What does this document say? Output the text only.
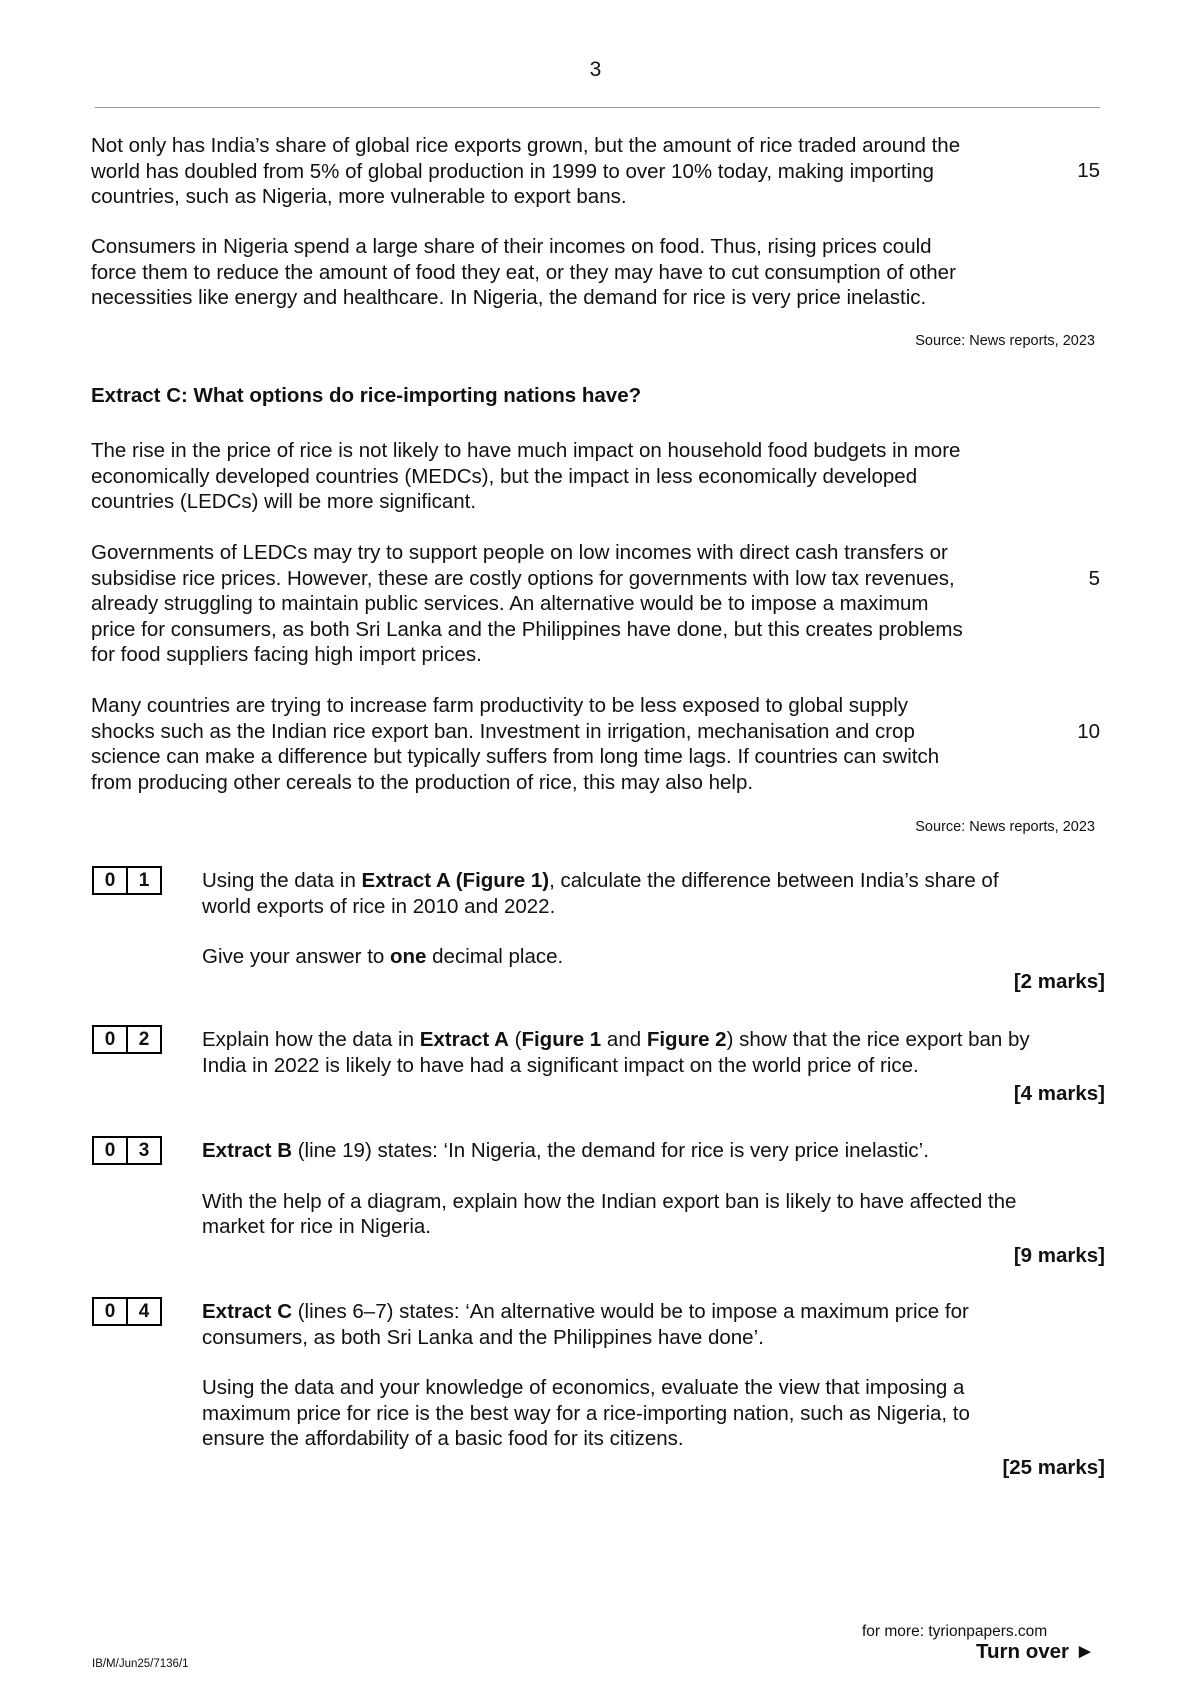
3
Not only has India’s share of global rice exports grown, but the amount of rice traded around the
world has doubled from 5% of global production in 1999 to over 10% today, making importing
countries, such as Nigeria, more vulnerable to export bans.
15
Consumers in Nigeria spend a large share of their incomes on food. Thus, rising prices could
force them to reduce the amount of food they eat, or they may have to cut consumption of other
necessities like energy and healthcare. In Nigeria, the demand for rice is very price inelastic.
Source: News reports, 2023
Extract C: What options do rice-importing nations have?
The rise in the price of rice is not likely to have much impact on household food budgets in more
economically developed countries (MEDCs), but the impact in less economically developed
countries (LEDCs) will be more significant.
Governments of LEDCs may try to support people on low incomes with direct cash transfers or
subsidise rice prices. However, these are costly options for governments with low tax revenues,
already struggling to maintain public services. An alternative would be to impose a maximum
price for consumers, as both Sri Lanka and the Philippines have done, but this creates problems
for food suppliers facing high import prices.
5
Many countries are trying to increase farm productivity to be less exposed to global supply
shocks such as the Indian rice export ban. Investment in irrigation, mechanisation and crop
science can make a difference but typically suffers from long time lags. If countries can switch
from producing other cereals to the production of rice, this may also help.
10
Source: News reports, 2023
0	1	Using the data in Extract A (Figure 1), calculate the difference between India’s share of
world exports of rice in 2010 and 2022.
Give your answer to one decimal place.
[2 marks]
0	2	Explain how the data in Extract A (Figure 1 and Figure 2) show that the rice export ban by
India in 2022 is likely to have had a significant impact on the world price of rice.
[4 marks]
0	3	Extract B (line 19) states: ‘In Nigeria, the demand for rice is very price inelastic’.
With the help of a diagram, explain how the Indian export ban is likely to have affected the
market for rice in Nigeria.
[9 marks]
0	4	Extract C (lines 6–7) states: ‘An alternative would be to impose a maximum price for
consumers, as both Sri Lanka and the Philippines have done’.
Using the data and your knowledge of economics, evaluate the view that imposing a
maximum price for rice is the best way for a rice-importing nation, such as Nigeria, to
ensure the affordability of a basic food for its citizens.
[25 marks]
for more: tyrionpapers.com
Turn over ►
IB/M/Jun25/7136/1
